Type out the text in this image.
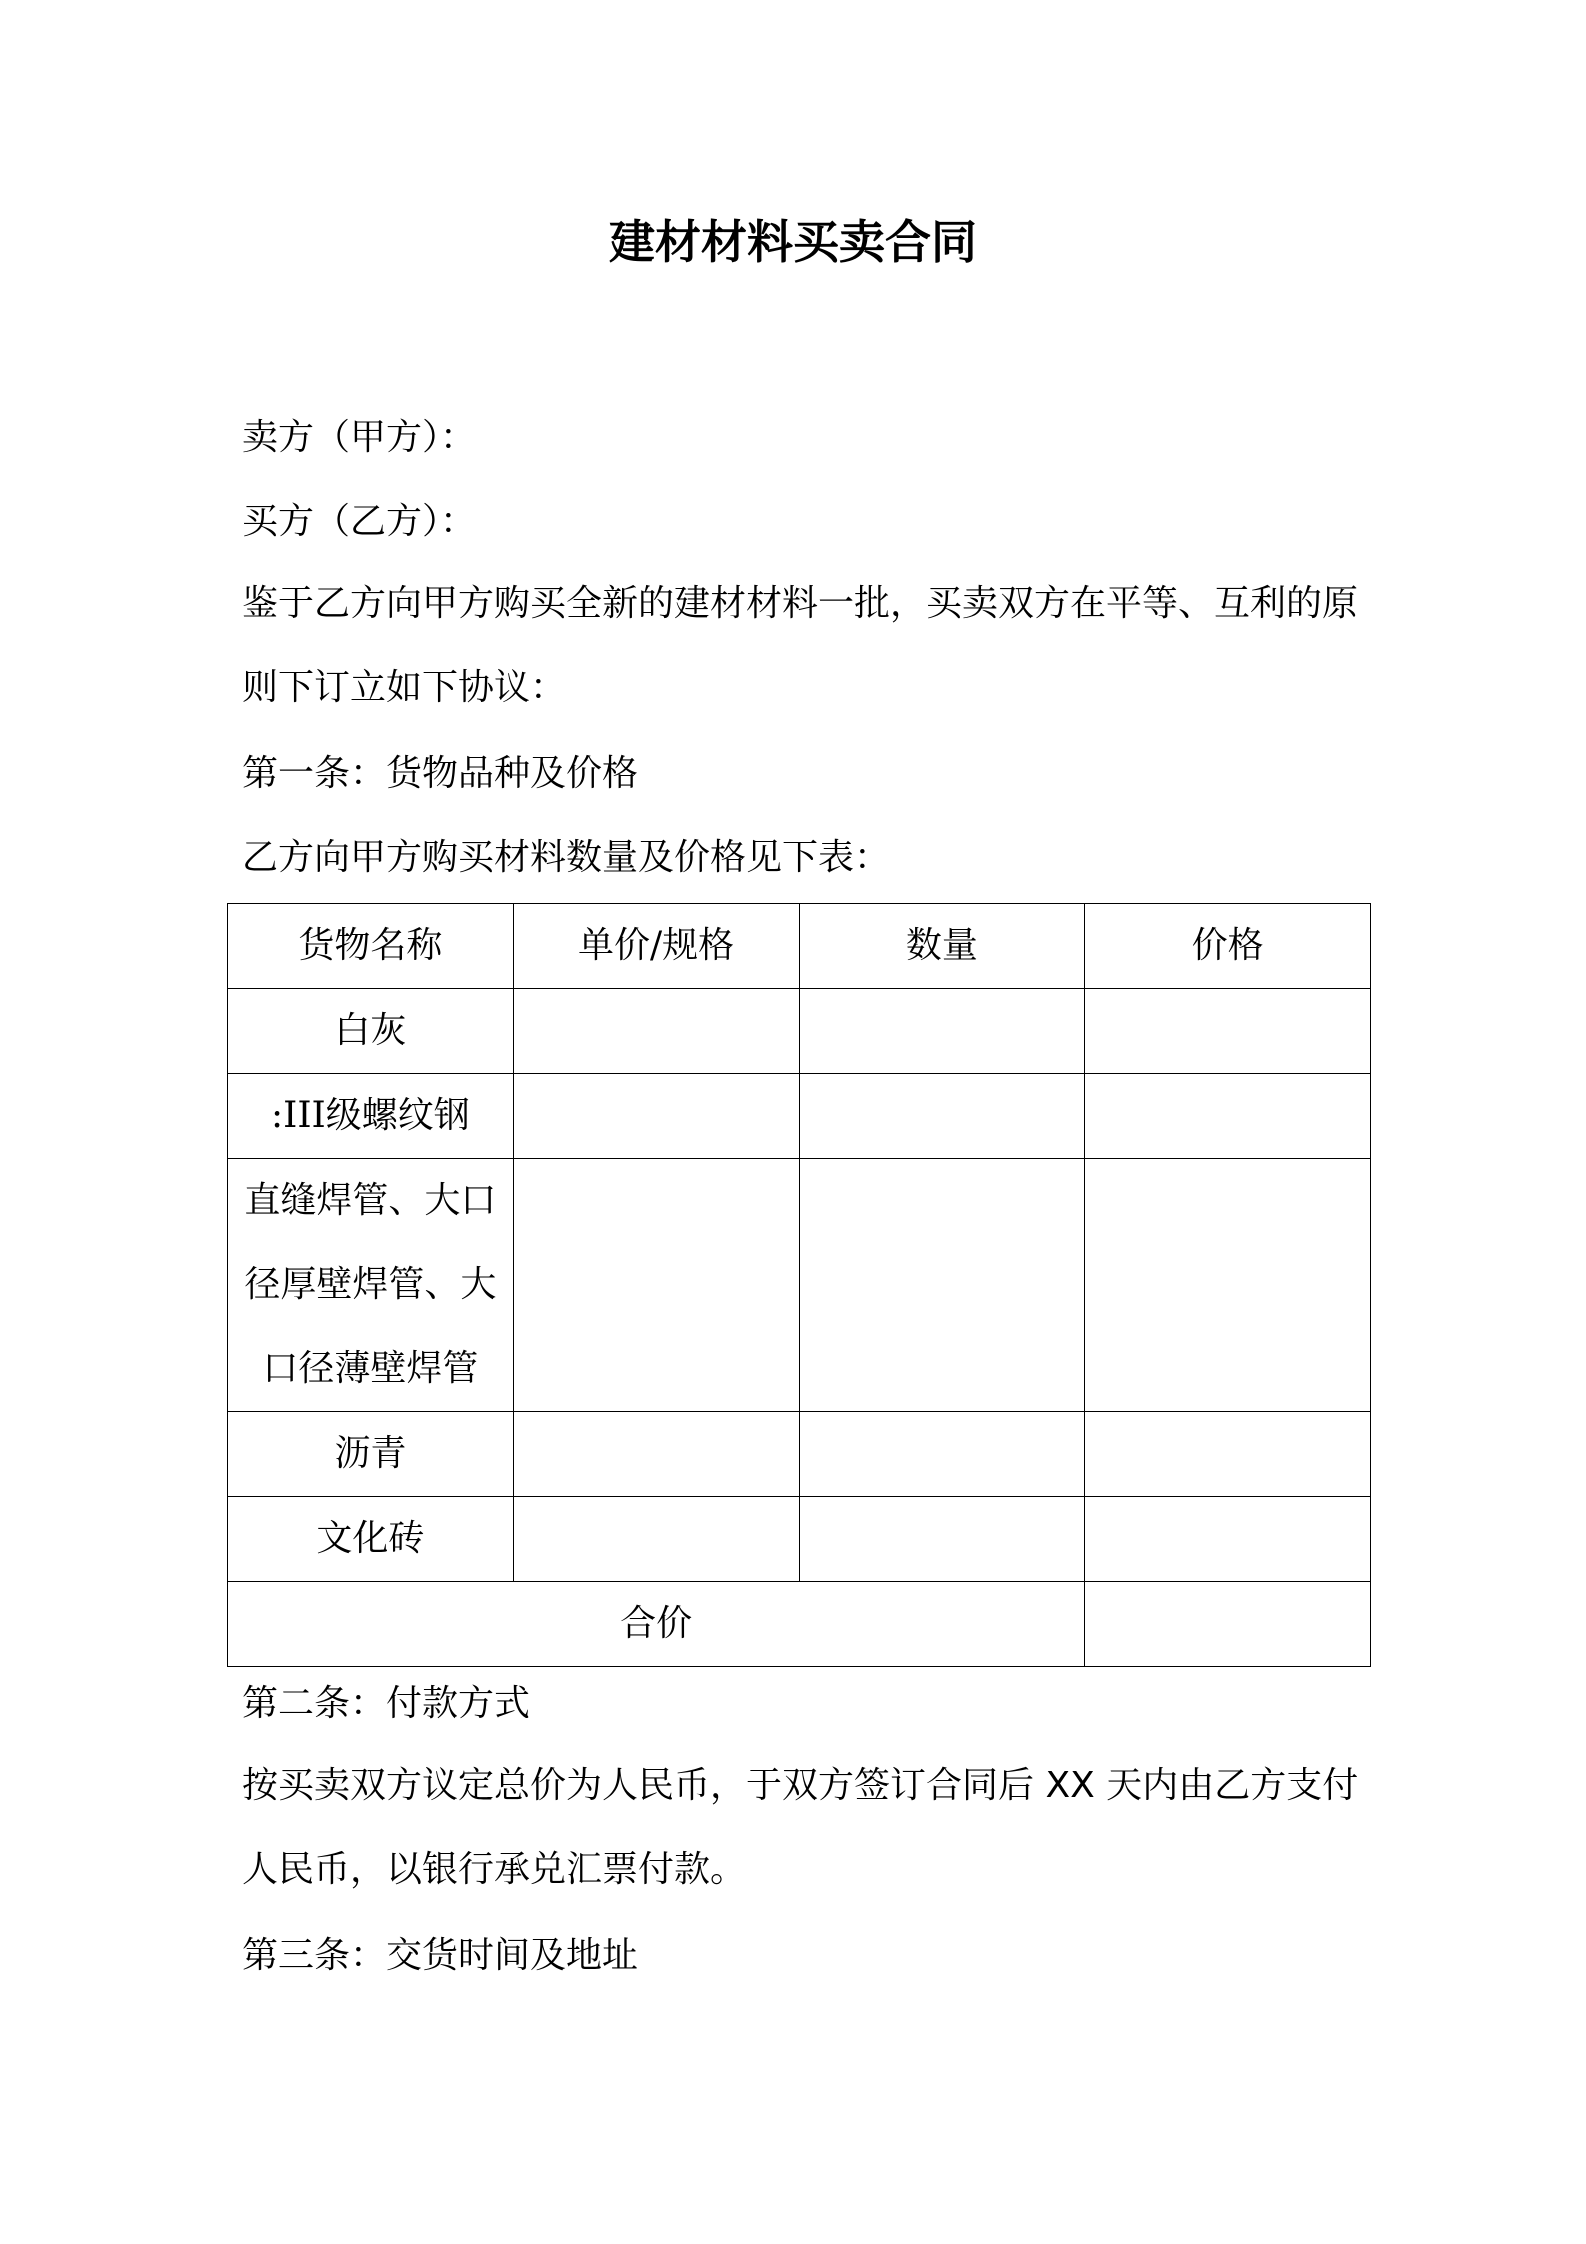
建材材料买卖合同
卖方（甲方）：
买方（乙方）：
鉴于乙方向甲方购买全新的建材材料一批，买卖双方在平等、互利的原则下订立如下协议：
第一条：货物品种及价格
乙方向甲方购买材料数量及价格见下表：
货物名称	单价/规格	数量	价格
白灰			
:III级螺纹钢			
直缝焊管、大口径厚壁焊管、大口径薄壁焊管			
沥青			
文化砖			
合价			
第二条：付款方式
按买卖双方议定总价为人民币，于双方签订合同后 XX 天内由乙方支付人民币，以银行承兑汇票付款。
第三条：交货时间及地址
